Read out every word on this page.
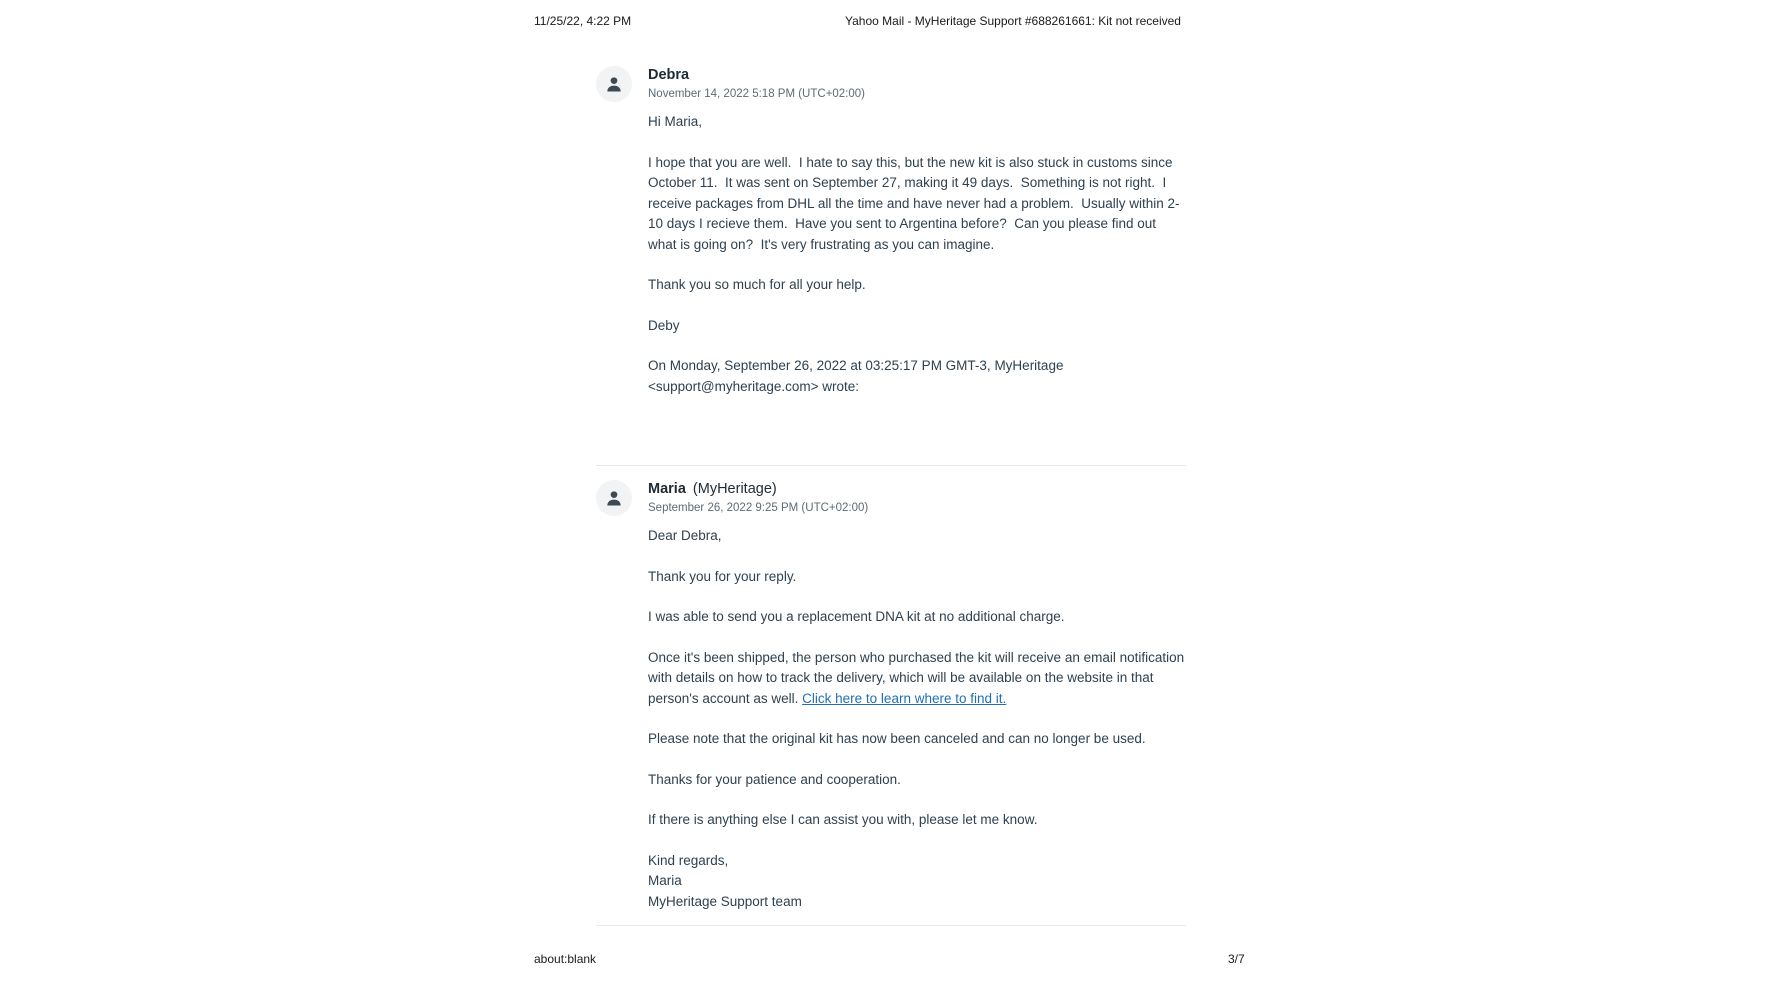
11/25/22, 4:22 PM	Yahoo Mail - MyHeritage Support #688261661: Kit not received
Debra
November 14, 2022 5:18 PM (UTC+02:00)

Hi Maria,

I hope that you are well.  I hate to say this, but the new kit is also stuck in customs since October 11.  It was sent on September 27, making it 49 days.  Something is not right.  I receive packages from DHL all the time and have never had a problem.  Usually within 2-10 days I recieve them.  Have you sent to Argentina before?  Can you please find out what is going on?  It's very frustrating as you can imagine.

Thank you so much for all your help.

Deby

On Monday, September 26, 2022 at 03:25:17 PM GMT-3, MyHeritage <support@myheritage.com> wrote:

Maria (MyHeritage)
September 26, 2022 9:25 PM (UTC+02:00)

Dear Debra,

Thank you for your reply.

I was able to send you a replacement DNA kit at no additional charge.

Once it's been shipped, the person who purchased the kit will receive an email notification with details on how to track the delivery, which will be available on the website in that person's account as well. Click here to learn where to find it.

Please note that the original kit has now been canceled and can no longer be used.

Thanks for your patience and cooperation.

If there is anything else I can assist you with, please let me know.

Kind regards,

Maria

MyHeritage Support team

about:blank	3/7
